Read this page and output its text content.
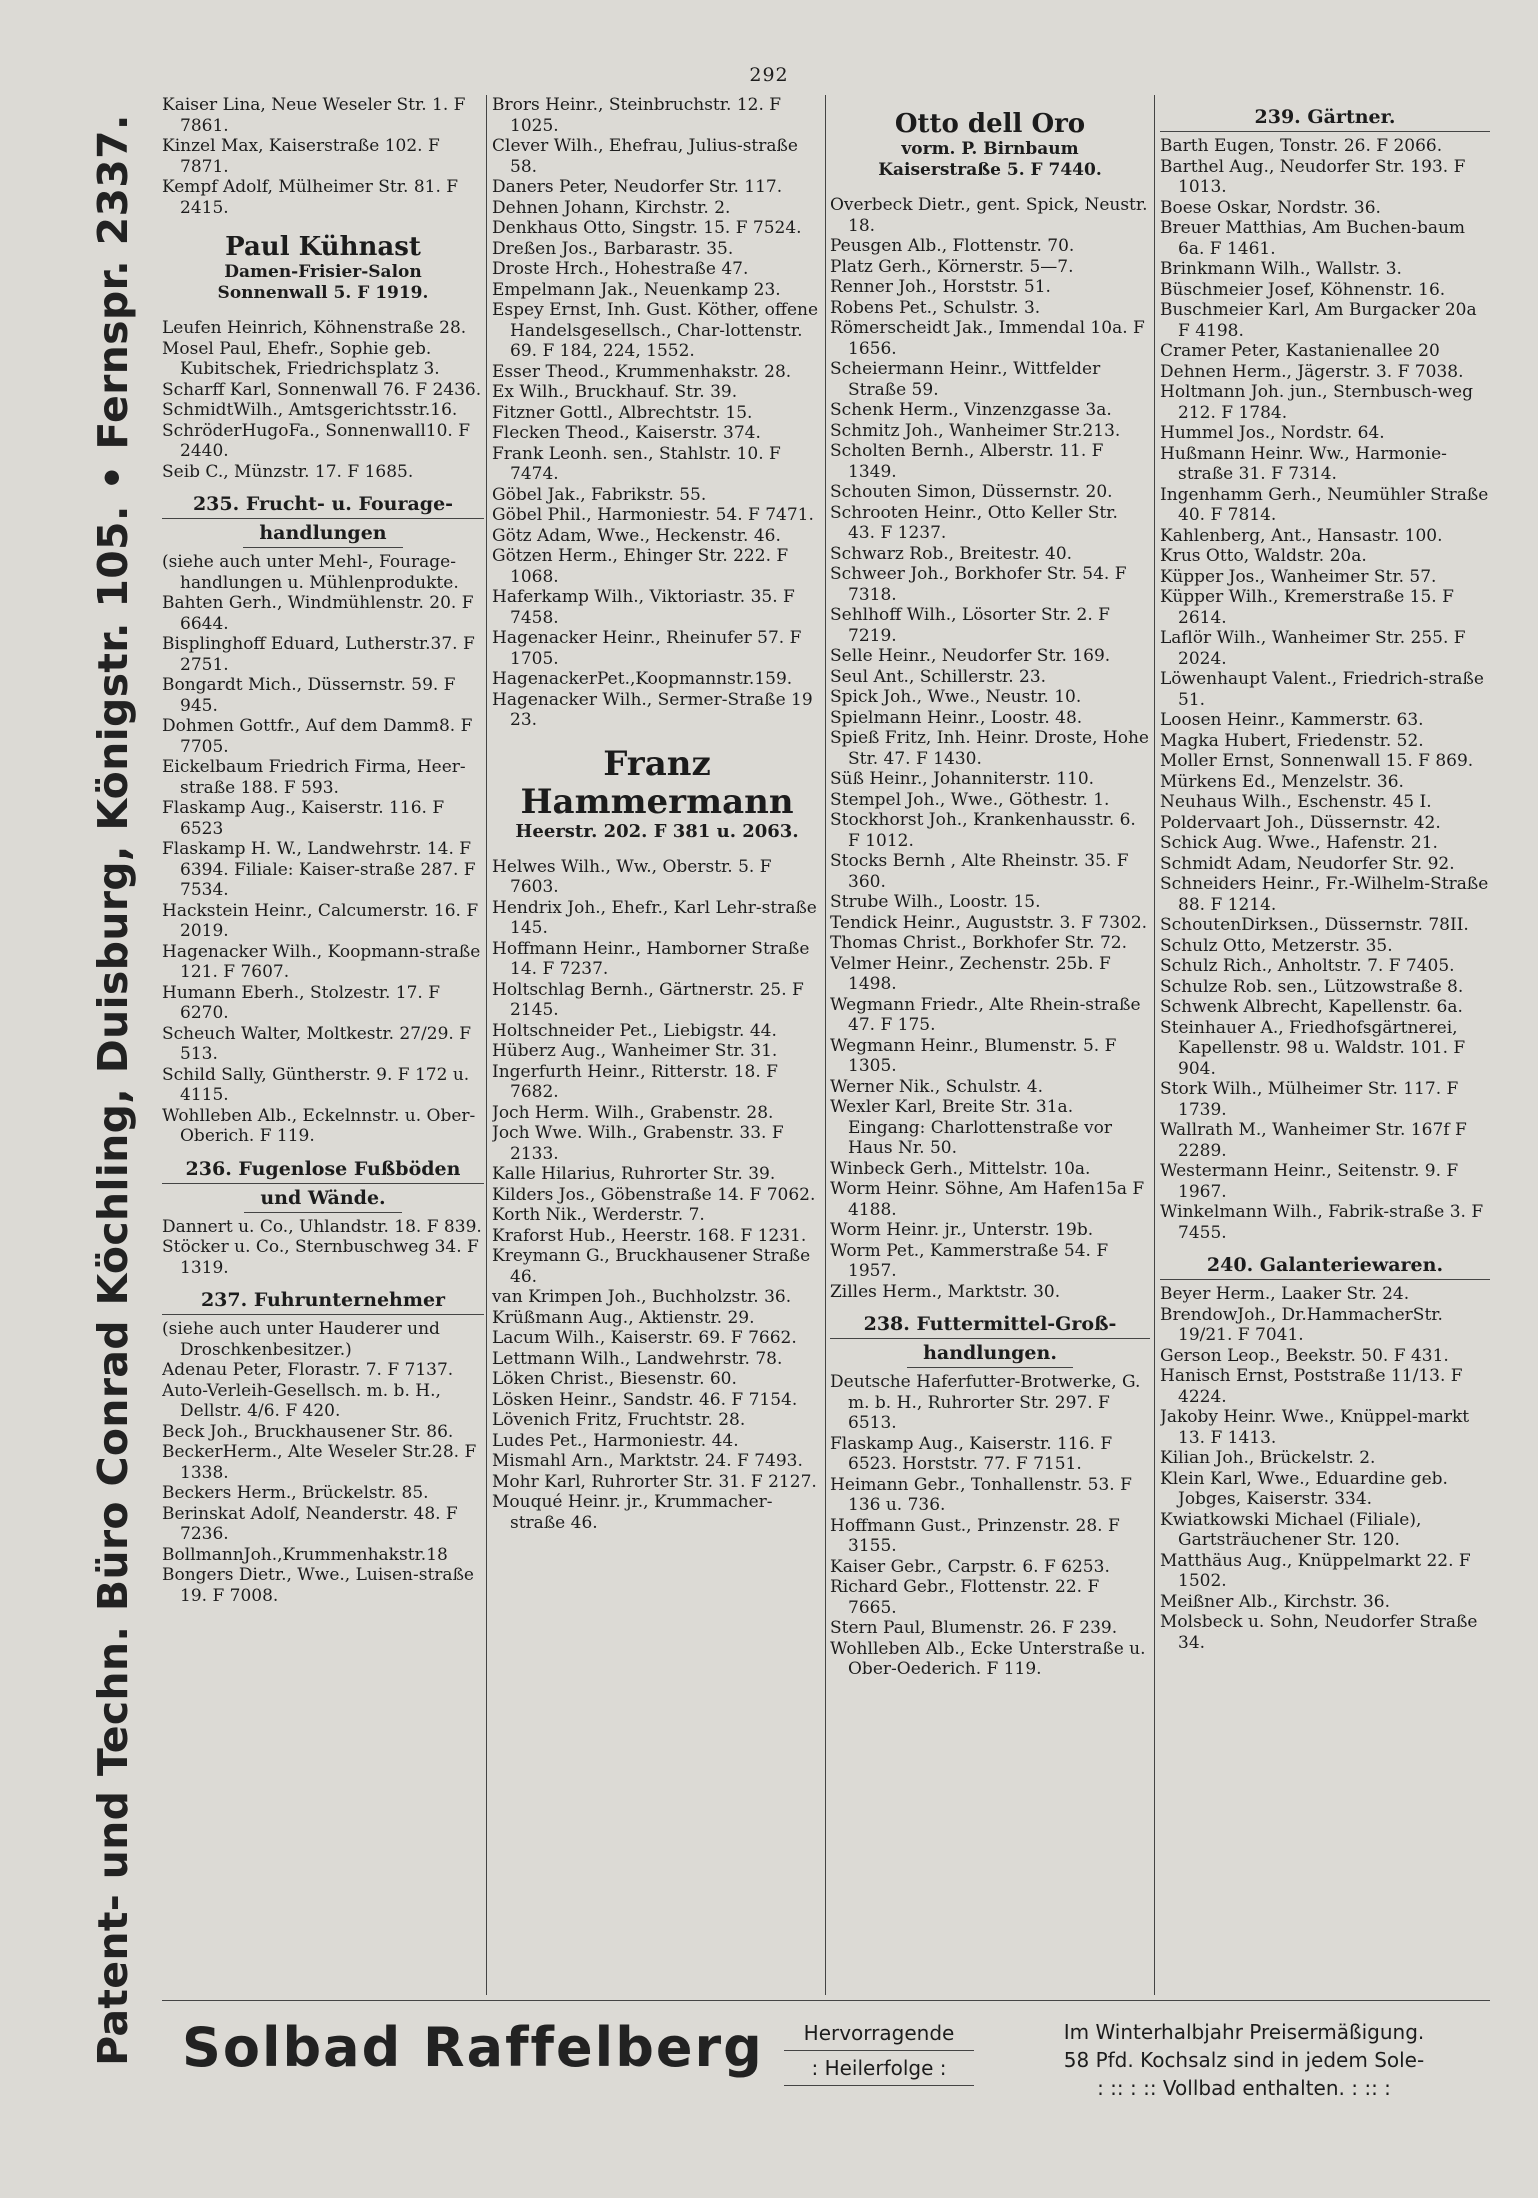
292
Patent- und Techn. Büro Conrad Köchling, Duisburg, Königstr. 105. • Fernspr. 2337.

Kaiser Lina, Neue Weseler Str. 1. F 7861.

Kinzel Max, Kaiserstraße 102. F 7871.

Kempf Adolf, Mülheimer Str. 81. F 2415.

Paul Kühnast
Damen-Frisier-Salon
Sonnenwall 5. F 1919.

Leufen Heinrich, Köhnenstraße 28.

Mosel Paul, Ehefr., Sophie geb. Kubitschek, Friedrichsplatz 3.

Scharff Karl, Sonnenwall 76. F 2436.

SchmidtWilh., Amtsgerichtsstr.16.

SchröderHugoFa., Sonnenwall10. F 2440.

Seib C., Münzstr. 17. F 1685.

235. Frucht- u. Fourage-
handlungen

(siehe auch unter Mehl-, Fourage-handlungen u. Mühlenprodukte.

Bahten Gerh., Windmühlenstr. 20. F 6644.

Bisplinghoff Eduard, Lutherstr.37. F 2751.

Bongardt Mich., Düssernstr. 59. F 945.

Dohmen Gottfr., Auf dem Damm8. F 7705.

Eickelbaum Friedrich Firma, Heer-straße 188. F 593.

Flaskamp Aug., Kaiserstr. 116. F 6523

Flaskamp H. W., Landwehrstr. 14. F 6394. Filiale: Kaiser-straße 287. F 7534.

Hackstein Heinr., Calcumerstr. 16. F 2019.

Hagenacker Wilh., Koopmann-straße 121. F 7607.

Humann Eberh., Stolzestr. 17. F 6270.

Scheuch Walter, Moltkestr. 27/29. F 513.

Schild Sally, Güntherstr. 9. F 172 u. 4115.

Wohlleben Alb., Eckelnnstr. u. Ober-Oberich. F 119.

236. Fugenlose Fußböden
und Wände.

Dannert u. Co., Uhlandstr. 18. F 839.

Stöcker u. Co., Sternbuschweg 34. F 1319.

237. Fuhrunternehmer

(siehe auch unter Hauderer und Droschkenbesitzer.)

Adenau Peter, Florastr. 7. F 7137.

Auto-Verleih-Gesellsch. m. b. H., Dellstr. 4/6. F 420.

Beck Joh., Bruckhausener Str. 86.

BeckerHerm., Alte Weseler Str.28. F 1338.

Beckers Herm., Brückelstr. 85.

Berinskat Adolf, Neanderstr. 48. F 7236.

BollmannJoh.,Krummenhakstr.18

Bongers Dietr., Wwe., Luisen-straße 19. F 7008.

Brors Heinr., Steinbruchstr. 12. F 1025.

Clever Wilh., Ehefrau, Julius-straße 58.

Daners Peter, Neudorfer Str. 117.

Dehnen Johann, Kirchstr. 2.

Denkhaus Otto, Singstr. 15. F 7524.

Dreßen Jos., Barbarastr. 35.

Droste Hrch., Hohestraße 47.

Empelmann Jak., Neuenkamp 23.

Espey Ernst, Inh. Gust. Köther, offene Handelsgesellsch., Char-lottenstr. 69. F 184, 224, 1552.

Esser Theod., Krummenhakstr. 28.

Ex Wilh., Bruckhauf. Str. 39.

Fitzner Gottl., Albrechtstr. 15.

Flecken Theod., Kaiserstr. 374.

Frank Leonh. sen., Stahlstr. 10. F 7474.

Göbel Jak., Fabrikstr. 55.

Göbel Phil., Harmoniestr. 54. F 7471.

Götz Adam, Wwe., Heckenstr. 46.

Götzen Herm., Ehinger Str. 222. F 1068.

Haferkamp Wilh., Viktoriastr. 35. F 7458.

Hagenacker Heinr., Rheinufer 57. F 1705.

HagenackerPet.,Koopmannstr.159.

Hagenacker Wilh., Sermer-Straße 19 23.

Franz
Hammermann
Heerstr. 202. F 381 u. 2063.

Helwes Wilh., Ww., Oberstr. 5. F 7603.

Hendrix Joh., Ehefr., Karl Lehr-straße 145.

Hoffmann Heinr., Hamborner Straße 14. F 7237.

Holtschlag Bernh., Gärtnerstr. 25. F 2145.

Holtschneider Pet., Liebigstr. 44.

Hüberz Aug., Wanheimer Str. 31.

Ingerfurth Heinr., Ritterstr. 18. F 7682.

Joch Herm. Wilh., Grabenstr. 28.

Joch Wwe. Wilh., Grabenstr. 33. F 2133.

Kalle Hilarius, Ruhrorter Str. 39.

Kilders Jos., Göbenstraße 14. F 7062.

Korth Nik., Werderstr. 7.

Kraforst Hub., Heerstr. 168. F 1231.

Kreymann G., Bruckhausener Straße 46.

van Krimpen Joh., Buchholzstr. 36.

Krüßmann Aug., Aktienstr. 29.

Lacum Wilh., Kaiserstr. 69. F 7662.

Lettmann Wilh., Landwehrstr. 78.

Löken Christ., Biesenstr. 60.

Lösken Heinr., Sandstr. 46. F 7154.

Lövenich Fritz, Fruchtstr. 28.

Ludes Pet., Harmoniestr. 44.

Mismahl Arn., Marktstr. 24. F 7493.

Mohr Karl, Ruhrorter Str. 31. F 2127.

Mouqué Heinr. jr., Krummacher-straße 46.

Otto dell Oro
vorm. P. Birnbaum
Kaiserstraße 5. F 7440.

Overbeck Dietr., gent. Spick, Neustr. 18.

Peusgen Alb., Flottenstr. 70.

Platz Gerh., Körnerstr. 5—7.

Renner Joh., Horststr. 51.

Robens Pet., Schulstr. 3.

Römerscheidt Jak., Immendal 10a. F 1656.

Scheiermann Heinr., Wittfelder Straße 59.

Schenk Herm., Vinzenzgasse 3a.

Schmitz Joh., Wanheimer Str.213.

Scholten Bernh., Alberstr. 11. F 1349.

Schouten Simon, Düssernstr. 20.

Schrooten Heinr., Otto Keller Str. 43. F 1237.

Schwarz Rob., Breitestr. 40.

Schweer Joh., Borkhofer Str. 54. F 7318.

Sehlhoff Wilh., Lösorter Str. 2. F 7219.

Selle Heinr., Neudorfer Str. 169.

Seul Ant., Schillerstr. 23.

Spick Joh., Wwe., Neustr. 10.

Spielmann Heinr., Loostr. 48.

Spieß Fritz, Inh. Heinr. Droste, Hohe Str. 47. F 1430.

Süß Heinr., Johanniterstr. 110.

Stempel Joh., Wwe., Göthestr. 1.

Stockhorst Joh., Krankenhausstr. 6. F 1012.

Stocks Bernh , Alte Rheinstr. 35. F 360.

Strube Wilh., Loostr. 15.

Tendick Heinr., Auguststr. 3. F 7302.

Thomas Christ., Borkhofer Str. 72.

Velmer Heinr., Zechenstr. 25b. F 1498.

Wegmann Friedr., Alte Rhein-straße 47. F 175.

Wegmann Heinr., Blumenstr. 5. F 1305.

Werner Nik., Schulstr. 4.

Wexler Karl, Breite Str. 31a. Eingang: Charlottenstraße vor Haus Nr. 50.

Winbeck Gerh., Mittelstr. 10a.

Worm Heinr. Söhne, Am Hafen15a F 4188.

Worm Heinr. jr., Unterstr. 19b.

Worm Pet., Kammerstraße 54. F 1957.

Zilles Herm., Marktstr. 30.

238. Futtermittel-Groß-
handlungen.

Deutsche Haferfutter-Brotwerke, G. m. b. H., Ruhrorter Str. 297. F 6513.

Flaskamp Aug., Kaiserstr. 116. F 6523. Horststr. 77. F 7151.

Heimann Gebr., Tonhallenstr. 53. F 136 u. 736.

Hoffmann Gust., Prinzenstr. 28. F 3155.

Kaiser Gebr., Carpstr. 6. F 6253.

Richard Gebr., Flottenstr. 22. F 7665.

Stern Paul, Blumenstr. 26. F 239.

Wohlleben Alb., Ecke Unterstraße u. Ober-Oederich. F 119.

239. Gärtner.

Barth Eugen, Tonstr. 26. F 2066.

Barthel Aug., Neudorfer Str. 193. F 1013.

Boese Oskar, Nordstr. 36.

Breuer Matthias, Am Buchen-baum 6a. F 1461.

Brinkmann Wilh., Wallstr. 3.

Büschmeier Josef, Köhnenstr. 16.

Buschmeier Karl, Am Burgacker 20a F 4198.

Cramer Peter, Kastanienallee 20

Dehnen Herm., Jägerstr. 3. F 7038.

Holtmann Joh. jun., Sternbusch-weg 212. F 1784.

Hummel Jos., Nordstr. 64.

Hußmann Heinr. Ww., Harmonie-straße 31. F 7314.

Ingenhamm Gerh., Neumühler Straße 40. F 7814.

Kahlenberg, Ant., Hansastr. 100.

Krus Otto, Waldstr. 20a.

Küpper Jos., Wanheimer Str. 57.

Küpper Wilh., Kremerstraße 15. F 2614.

Laflör Wilh., Wanheimer Str. 255. F 2024.

Löwenhaupt Valent., Friedrich-straße 51.

Loosen Heinr., Kammerstr. 63.

Magka Hubert, Friedenstr. 52.

Moller Ernst, Sonnenwall 15. F 869.

Mürkens Ed., Menzelstr. 36.

Neuhaus Wilh., Eschenstr. 45 I.

Poldervaart Joh., Düssernstr. 42.

Schick Aug. Wwe., Hafenstr. 21.

Schmidt Adam, Neudorfer Str. 92.

Schneiders Heinr., Fr.-Wilhelm-Straße 88. F 1214.

SchoutenDirksen., Düssernstr. 78II.

Schulz Otto, Metzerstr. 35.

Schulz Rich., Anholtstr. 7. F 7405.

Schulze Rob. sen., Lützowstraße 8.

Schwenk Albrecht, Kapellenstr. 6a.

Steinhauer A., Friedhofsgärtnerei, Kapellenstr. 98 u. Waldstr. 101. F 904.

Stork Wilh., Mülheimer Str. 117. F 1739.

Wallrath M., Wanheimer Str. 167f F 2289.

Westermann Heinr., Seitenstr. 9. F 1967.

Winkelmann Wilh., Fabrik-straße 3. F 7455.

240. Galanteriewaren.

Beyer Herm., Laaker Str. 24.

BrendowJoh., Dr.HammacherStr. 19/21. F 7041.

Gerson Leop., Beekstr. 50. F 431.

Hanisch Ernst, Poststraße 11/13. F 4224.

Jakoby Heinr. Wwe., Knüppel-markt 13. F 1413.

Kilian Joh., Brückelstr. 2.

Klein Karl, Wwe., Eduardine geb. Jobges, Kaiserstr. 334.

Kwiatkowski Michael (Filiale), Gartsträuchener Str. 120.

Matthäus Aug., Knüppelmarkt 22. F 1502.

Meißner Alb., Kirchstr. 36.

Molsbeck u. Sohn, Neudorfer Straße 34.

Solbad Raffelberg	Hervorragende
: Heilerfolge :
Im Winterhalbjahr Preisermäßigung.
58 Pfd. Kochsalz sind in jedem Sole-
: :: : :: Vollbad enthalten. : :: :
